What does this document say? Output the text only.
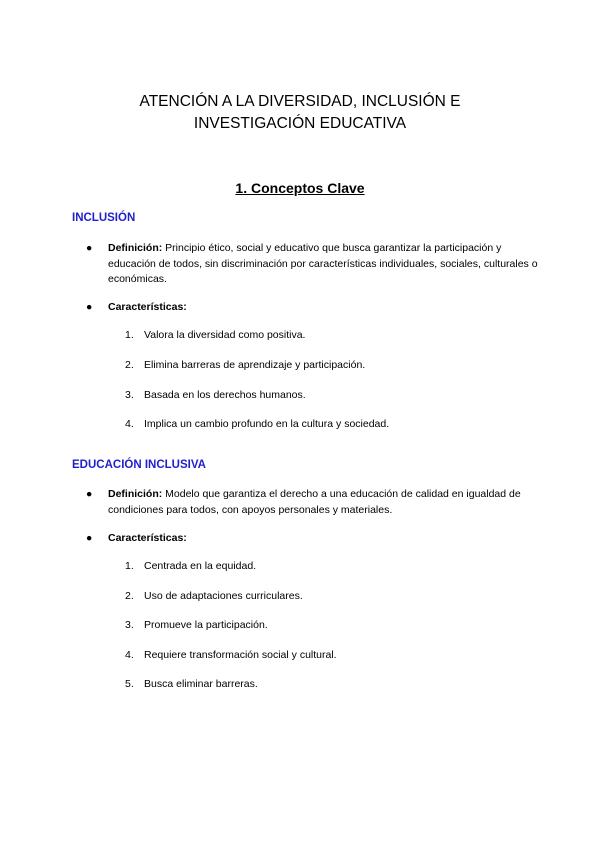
ATENCIÓN A LA DIVERSIDAD, INCLUSIÓN E
INVESTIGACIÓN EDUCATIVA
1. Conceptos Clave
INCLUSIÓN
● Definición: Principio ético, social y educativo que busca garantizar la participación y educación de todos, sin discriminación por características individuales, sociales, culturales o económicas.
● Características:
1. Valora la diversidad como positiva.
2. Elimina barreras de aprendizaje y participación.
3. Basada en los derechos humanos.
4. Implica un cambio profundo en la cultura y sociedad.
EDUCACIÓN INCLUSIVA
● Definición: Modelo que garantiza el derecho a una educación de calidad en igualdad de condiciones para todos, con apoyos personales y materiales.
● Características:
1. Centrada en la equidad.
2. Uso de adaptaciones curriculares.
3. Promueve la participación.
4. Requiere transformación social y cultural.
5. Busca eliminar barreras.
